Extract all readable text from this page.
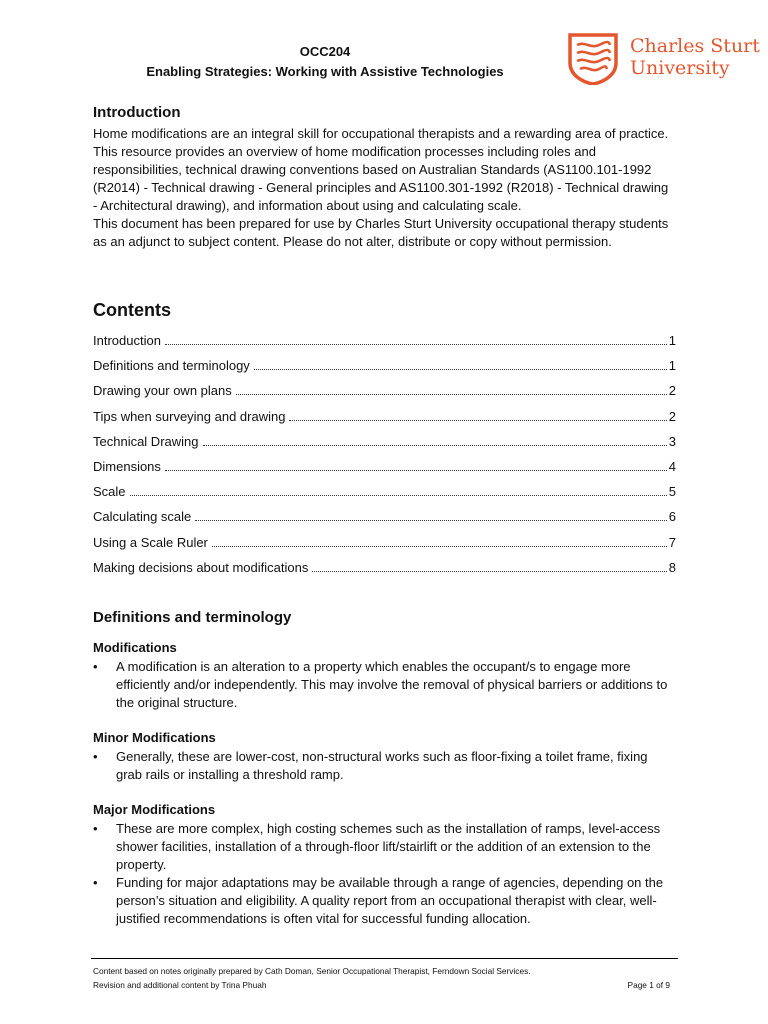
OCC204
Enabling Strategies: Working with Assistive Technologies
Charles Sturt
University
Introduction

Home modifications are an integral skill for occupational therapists and a rewarding area of practice. This resource provides an overview of home modification processes including roles and responsibilities, technical drawing conventions based on Australian Standards (AS1100.101-1992 (R2014) - Technical drawing - General principles and AS1100.301-1992 (R2018) - Technical drawing - Architectural drawing), and information about using and calculating scale.

This document has been prepared for use by Charles Sturt University occupational therapy students as an adjunct to subject content. Please do not alter, distribute or copy without permission.

Contents
Introduction	1
Definitions and terminology	1
Drawing your own plans	2
Tips when surveying and drawing	2
Technical Drawing	3
Dimensions	4
Scale	5
Calculating scale	6
Using a Scale Ruler	7
Making decisions about modifications	8
Definitions and terminology
Modifications
• A modification is an alteration to a property which enables the occupant/s to engage more efficiently and/or independently. This may involve the removal of physical barriers or additions to the original structure.
Minor Modifications
• Generally, these are lower-cost, non-structural works such as floor-fixing a toilet frame, fixing grab rails or installing a threshold ramp.
Major Modifications
• These are more complex, high costing schemes such as the installation of ramps, level-access shower facilities, installation of a through-floor lift/stairlift or the addition of an extension to the property.
• Funding for major adaptations may be available through a range of agencies, depending on the person’s situation and eligibility. A quality report from an occupational therapist with clear, well-justified recommendations is often vital for successful funding allocation.
Content based on notes originally prepared by Cath Doman, Senior Occupational Therapist, Ferndown Social Services.
Revision and additional content by Trina Phuah	Page 1 of 9
